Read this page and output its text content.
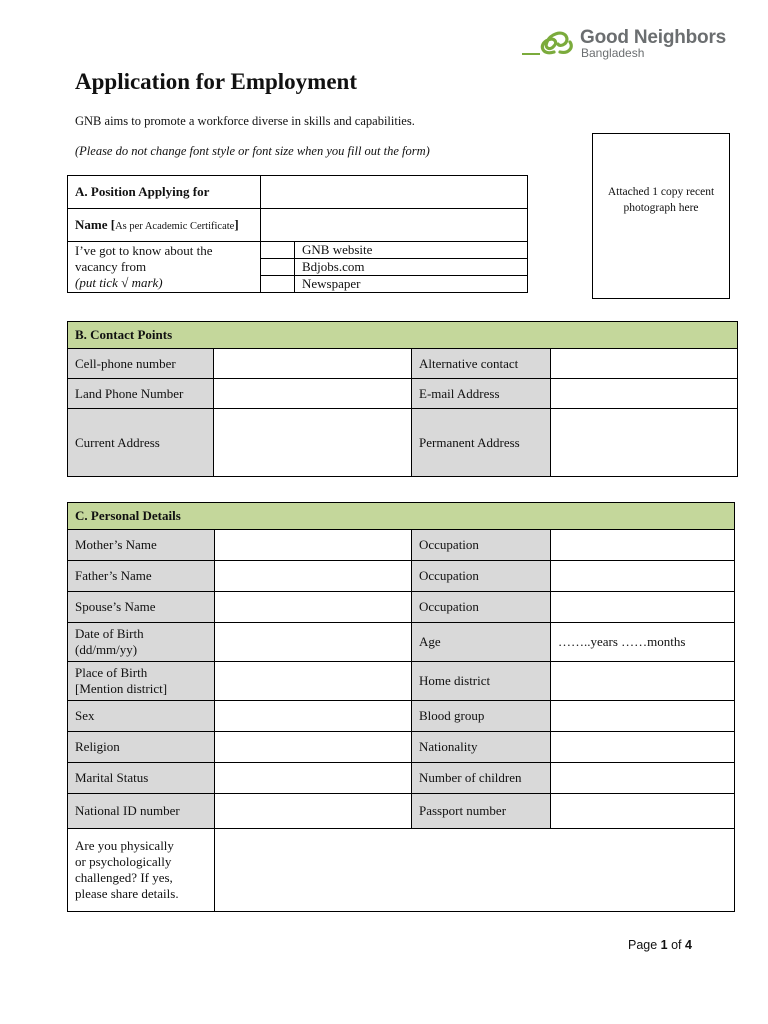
Good Neighbors
Bangladesh
Application for Employment
GNB aims to promote a workforce diverse in skills and capabilities.
(Please do not change font style or font size when you fill out the form)
Attached 1 copy recent
photograph here
A. Position Applying for		
Name [As per Academic Certificate]		

I’ve got to know about the
vacancy from
(put tick √ mark)		GNB website
		Bdjobs.com
		Newspaper
B. Contact Points			
Cell-phone number		Alternative contact	
Land Phone Number		E-mail Address	
Current Address		Permanent Address	
C. Personal Details			
Mother’s Name		Occupation	
Father’s Name		Occupation	
Spouse’s Name		Occupation	

Date of Birth
(dd/mm/yy)		Age	……..years ……months

Place of Birth
[Mention district]		Home district	
Sex		Blood group	
Religion		Nationality	
Marital Status		Number of children	
National ID number		Passport number	

Are you physically
or psychologically
challenged? If yes,
please share details.			

Page 1 of 4
